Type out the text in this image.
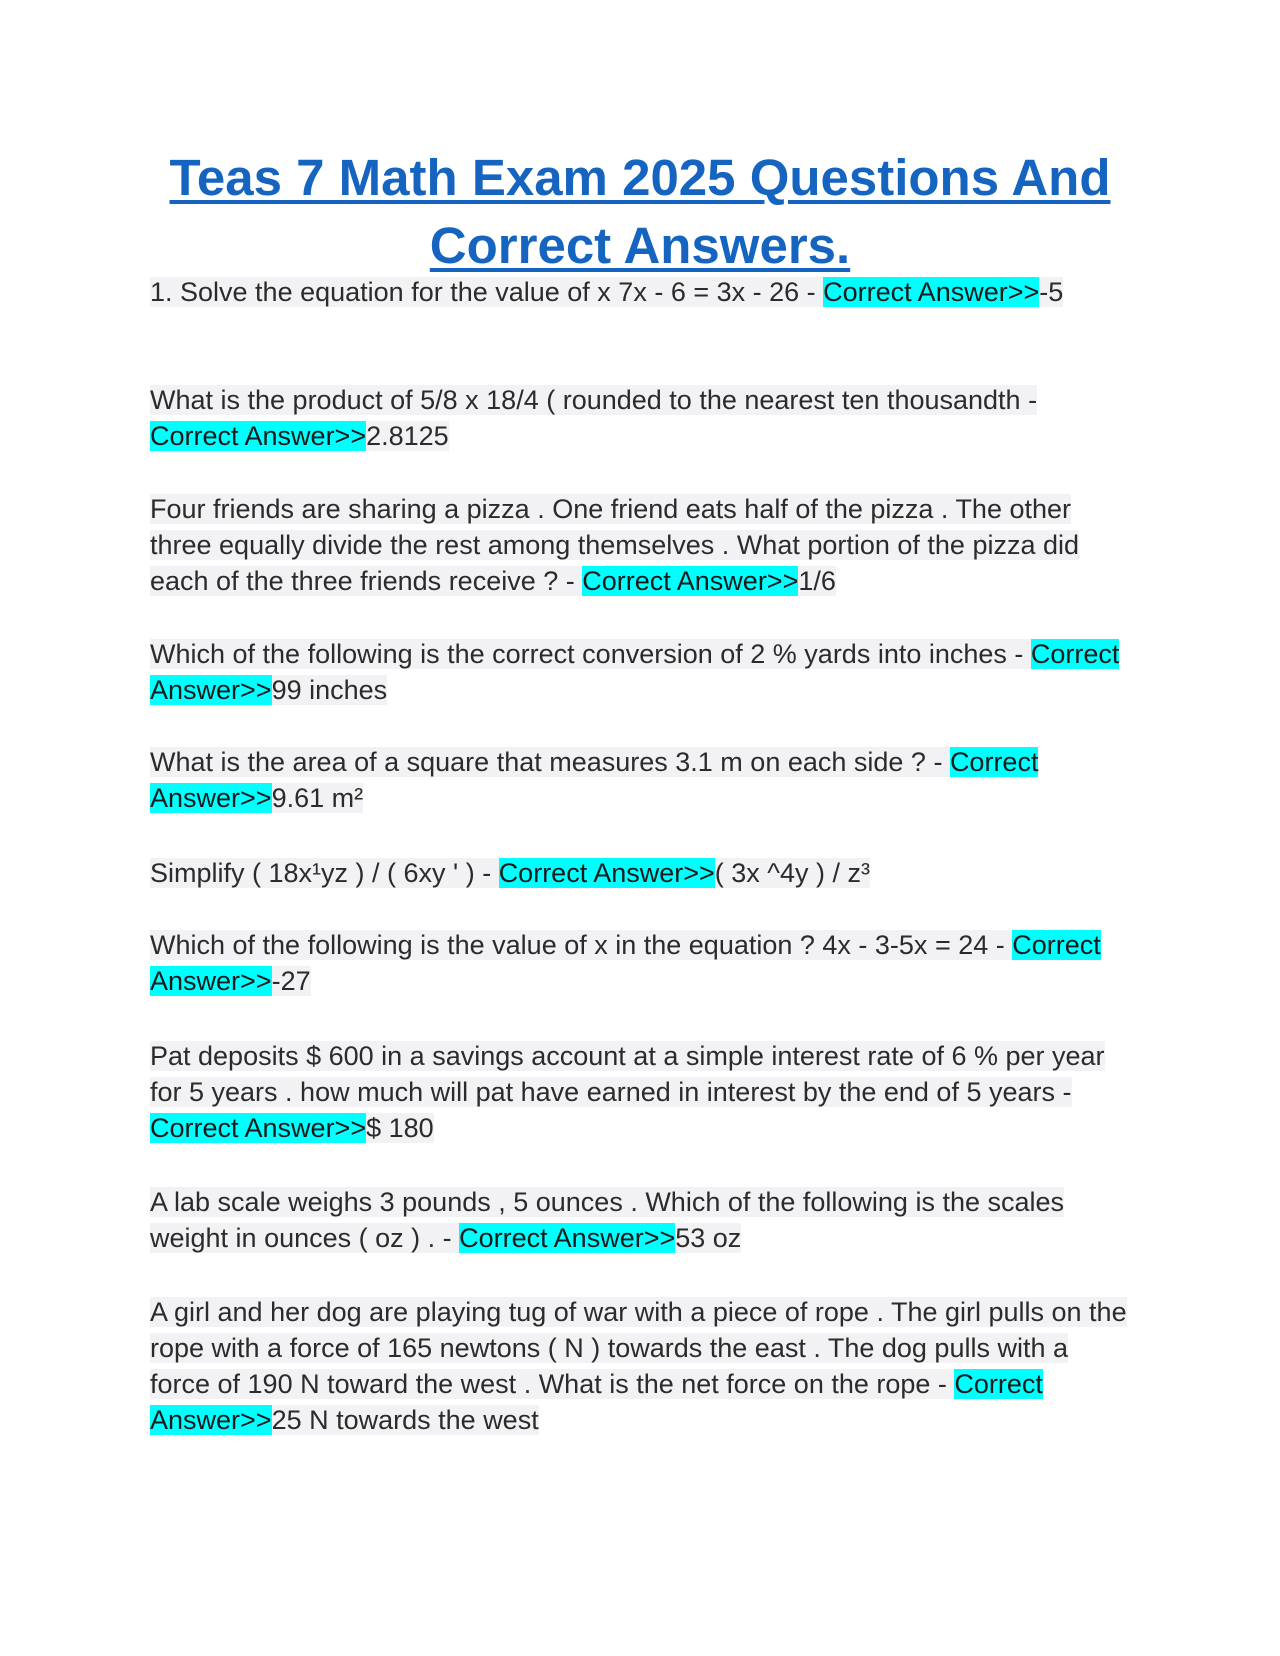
Teas 7 Math Exam 2025 Questions And Correct Answers.

1. Solve the equation for the value of x 7x - 6 = 3x - 26 - Correct Answer>>-5

What is the product of 5/8 x 18/4 ( rounded to the nearest ten thousandth - Correct Answer>>2.8125

Four friends are sharing a pizza . One friend eats half of the pizza . The other three equally divide the rest among themselves . What portion of the pizza did each of the three friends receive ? - Correct Answer>>1/6

Which of the following is the correct conversion of 2 % yards into inches - Correct Answer>>99 inches

What is the area of a square that measures 3.1 m on each side ? - Correct Answer>>9.61 m²

Simplify ( 18x¹yz ) / ( 6xy ' ) - Correct Answer>>( 3x ^4y ) / z³

Which of the following is the value of x in the equation ? 4x - 3-5x = 24 - Correct Answer>>-27

Pat deposits $ 600 in a savings account at a simple interest rate of 6 % per year for 5 years . how much will pat have earned in interest by the end of 5 years - Correct Answer>>$ 180

A lab scale weighs 3 pounds , 5 ounces . Which of the following is the scales weight in ounces ( oz ) . - Correct Answer>>53 oz

A girl and her dog are playing tug of war with a piece of rope . The girl pulls on the rope with a force of 165 newtons ( N ) towards the east . The dog pulls with a force of 190 N toward the west . What is the net force on the rope - Correct Answer>>25 N towards the west
